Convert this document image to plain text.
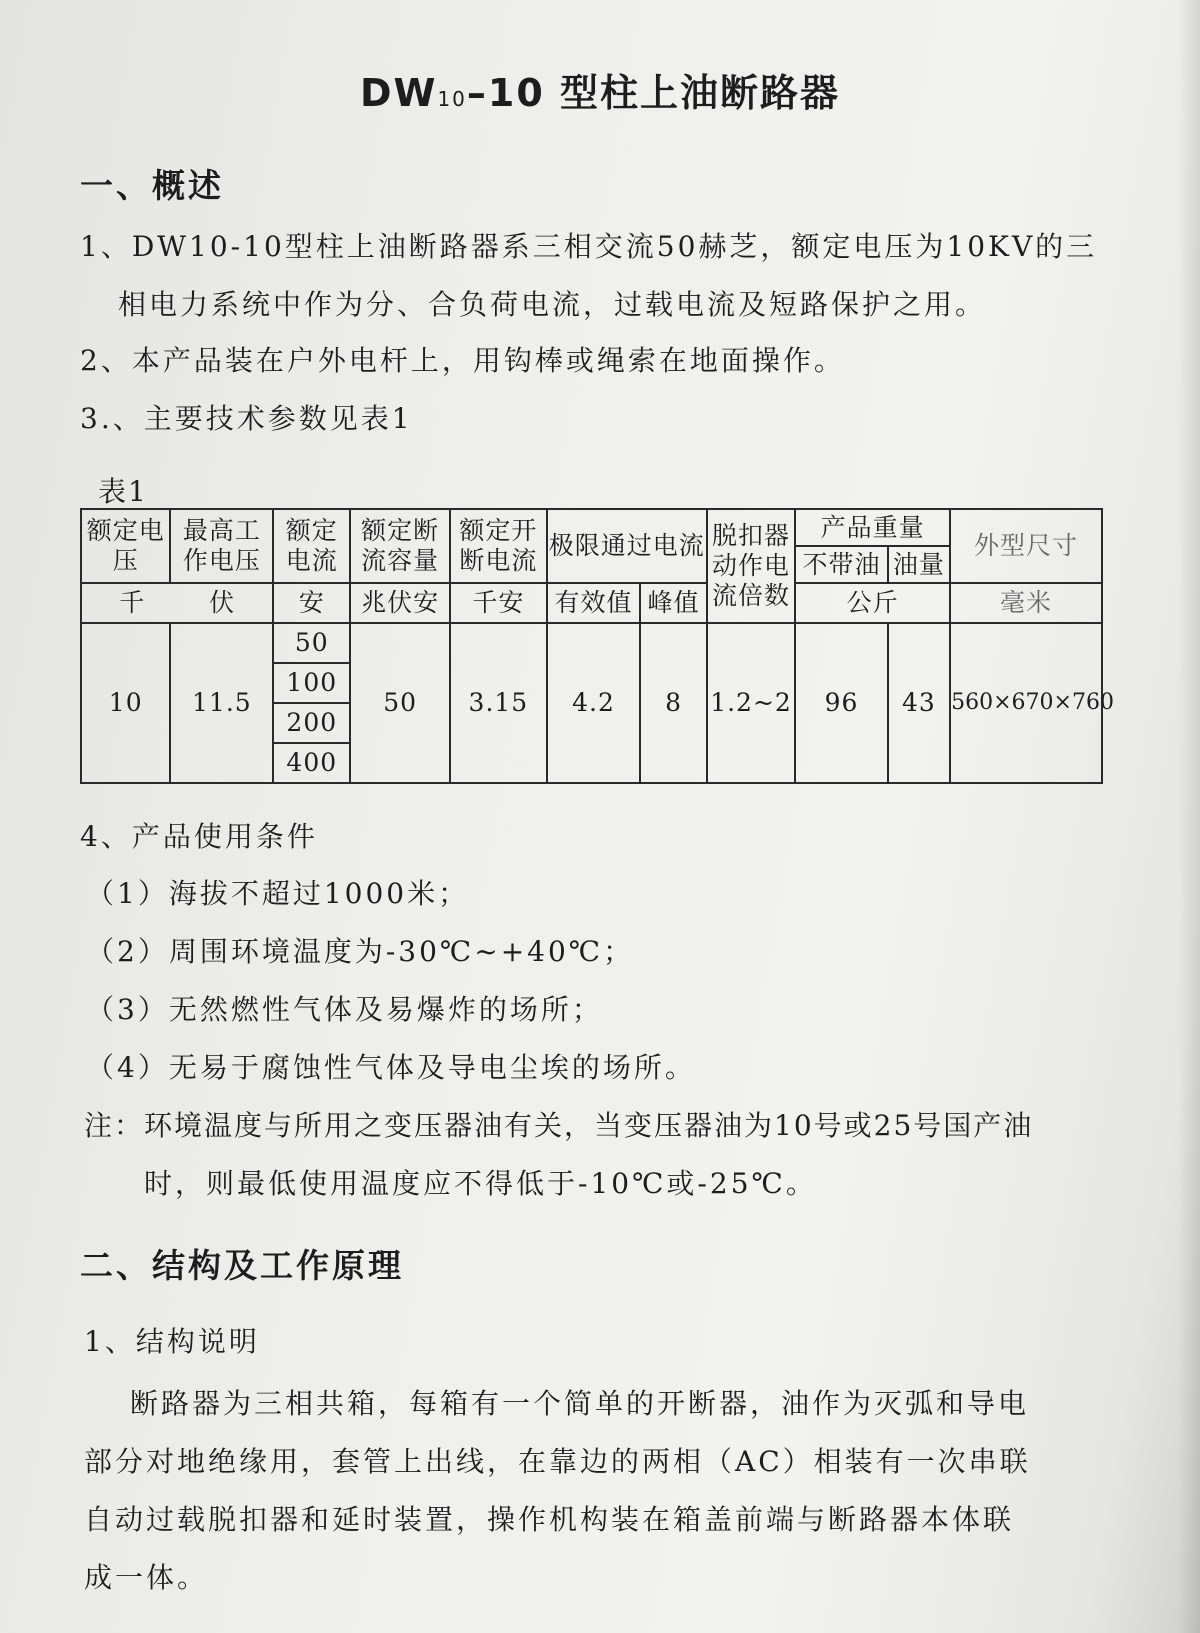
DW10–10 型柱上油断路器
一、概述
1、DW10-10型柱上油断路器系三相交流50赫芝，额定电压为10KV的三
相电力系统中作为分、合负荷电流，过载电流及短路保护之用。
2、本产品装在户外电杆上，用钩棒或绳索在地面操作。
3.、主要技术参数见表1
表1
额定电压	最高工作电压	额定电流	额定断流容量	额定开断电流	极限通过电流		脱扣器动作电流倍数	产品重量		外型尺寸
								不带油	油量	
千 伏		安	兆伏安	千安	有效值	峰值		公斤		毫米
10	11.5	50	50	3.15	4.2	8	1.2~2	96	43	560×670×760
		100								
		200								
		400								
4、产品使用条件
（1）海拔不超过1000米；
（2）周围环境温度为-30℃~+40℃；
（3）无然燃性气体及易爆炸的场所；
（4）无易于腐蚀性气体及导电尘埃的场所。
注：环境温度与所用之变压器油有关，当变压器油为10号或25号国产油
时，则最低使用温度应不得低于-10℃或-25℃。
二、结构及工作原理
1、结构说明
断路器为三相共箱，每箱有一个简单的开断器，油作为灭弧和导电
部分对地绝缘用，套管上出线，在靠边的两相（AC）相装有一次串联
自动过载脱扣器和延时装置，操作机构装在箱盖前端与断路器本体联
成一体。
